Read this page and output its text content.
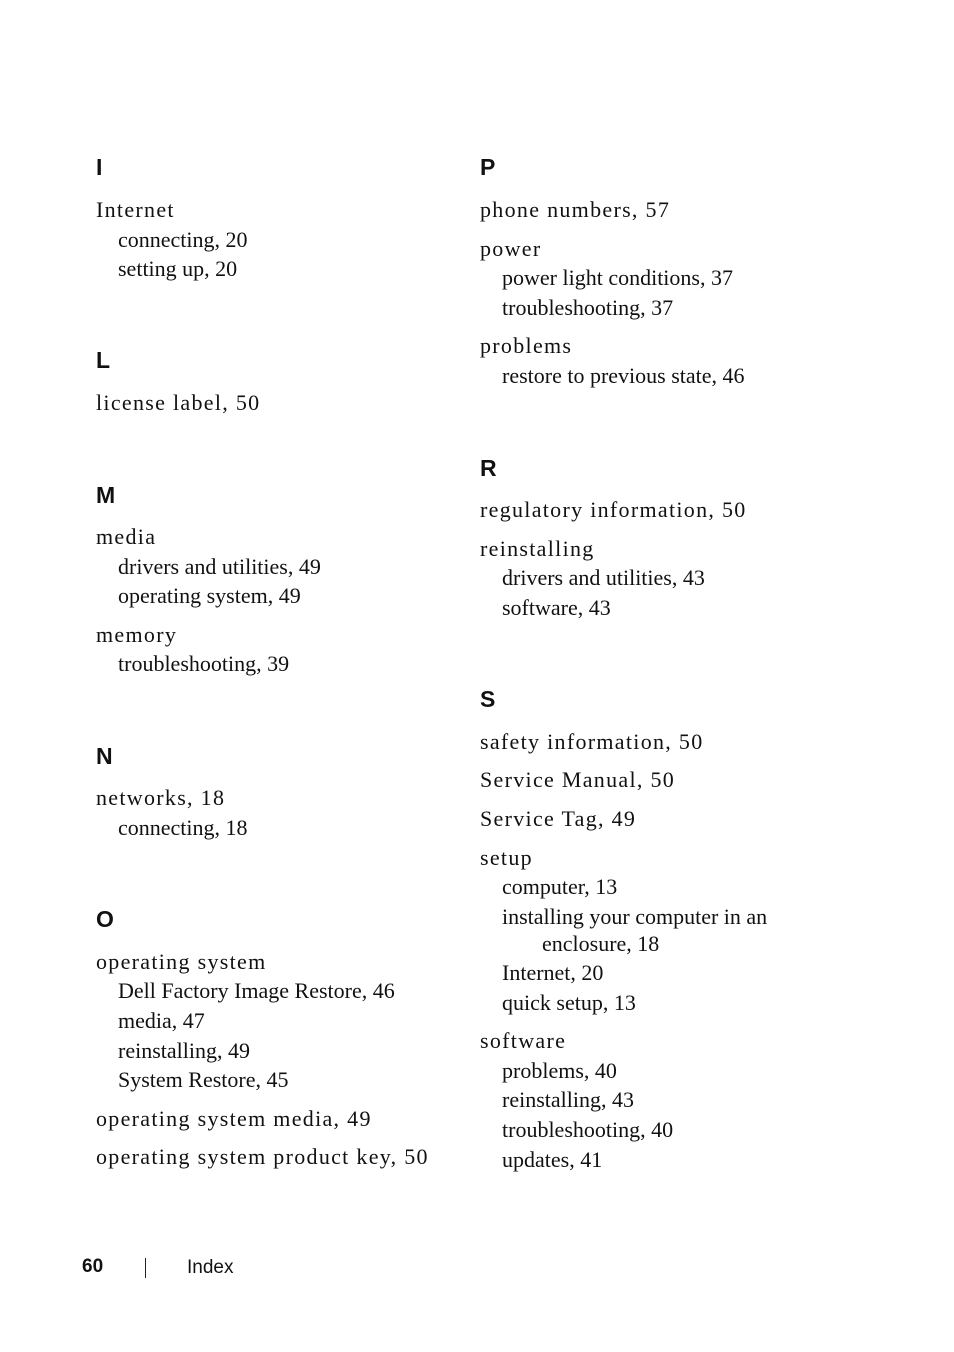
I
Internet
connecting, 20
setting up, 20
L
license label, 50
M
media
drivers and utilities, 49
operating system, 49
memory
troubleshooting, 39
N
networks, 18
connecting, 18
O
operating system
Dell Factory Image Restore, 46
media, 47
reinstalling, 49
System Restore, 45
operating system media, 49
operating system product key, 50
P
phone numbers, 57
power
power light conditions, 37
troubleshooting, 37
problems
restore to previous state, 46
R
regulatory information, 50
reinstalling
drivers and utilities, 43
software, 43
S
safety information, 50
Service Manual, 50
Service Tag, 49
setup
computer, 13
installing your computer in an
enclosure, 18
Internet, 20
quick setup, 13
software
problems, 40
reinstalling, 43
troubleshooting, 40
updates, 41
60	Index
